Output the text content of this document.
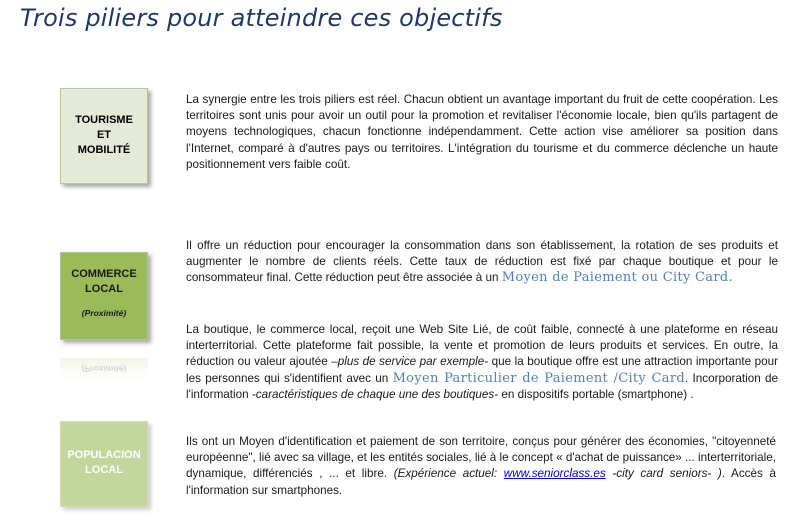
Trois piliers pour atteindre ces objectifs
TOURISME
ET
MOBILITÉ
COMMERCE
LOCAL
(Proximité)
(Proximité)
POPULACION
LOCAL

La synergie entre les trois piliers est réel. Chacun obtient un avantage important du fruit de cette coopération. Les territoires sont unis pour avoir un outil pour la promotion et revitaliser l'économie locale, bien qu'ils partagent de moyens technologiques, chacun fonctionne indépendamment. Cette action vise améliorer sa position dans l'Internet, comparé à d'autres pays ou territoires. L'intégration du tourisme et du commerce déclenche un haute positionnement vers faible coût.

Il offre un réduction pour encourager la consommation dans son établissement, la rotation de ses produits et augmenter le nombre de clients réels. Cette taux de réduction est fixé par chaque boutique et pour le consommateur final. Cette réduction peut être associée à un Moyen de Paiement ou City Card.

La boutique, le commerce local, reçoit une Web Site Lié, de coût faible, connecté à une plateforme en réseau interterritorial. Cette plateforme fait possible, la vente et promotion de leurs produits et services. En outre, la réduction ou valeur ajoutée –plus de service par exemple- que la boutique offre est une attraction importante pour les personnes qui s'identifient avec un Moyen Particulier de Paiement /City Card. Incorporation de l'information -caractéristiques de chaque une des boutiques- en dispositifs portable (smartphone) .

Ils ont un Moyen d'identification et paiement de son territoire, conçus pour générer des économies, "citoyenneté européenne", lié avec sa village, et les entités sociales, lié à le concept « d'achat de puissance» ... interterritoriale, dynamique, différenciés , ... et libre. (Expérience actuel: www.seniorclass.es -city card seniors- ). Accès à l'information sur smartphones.
